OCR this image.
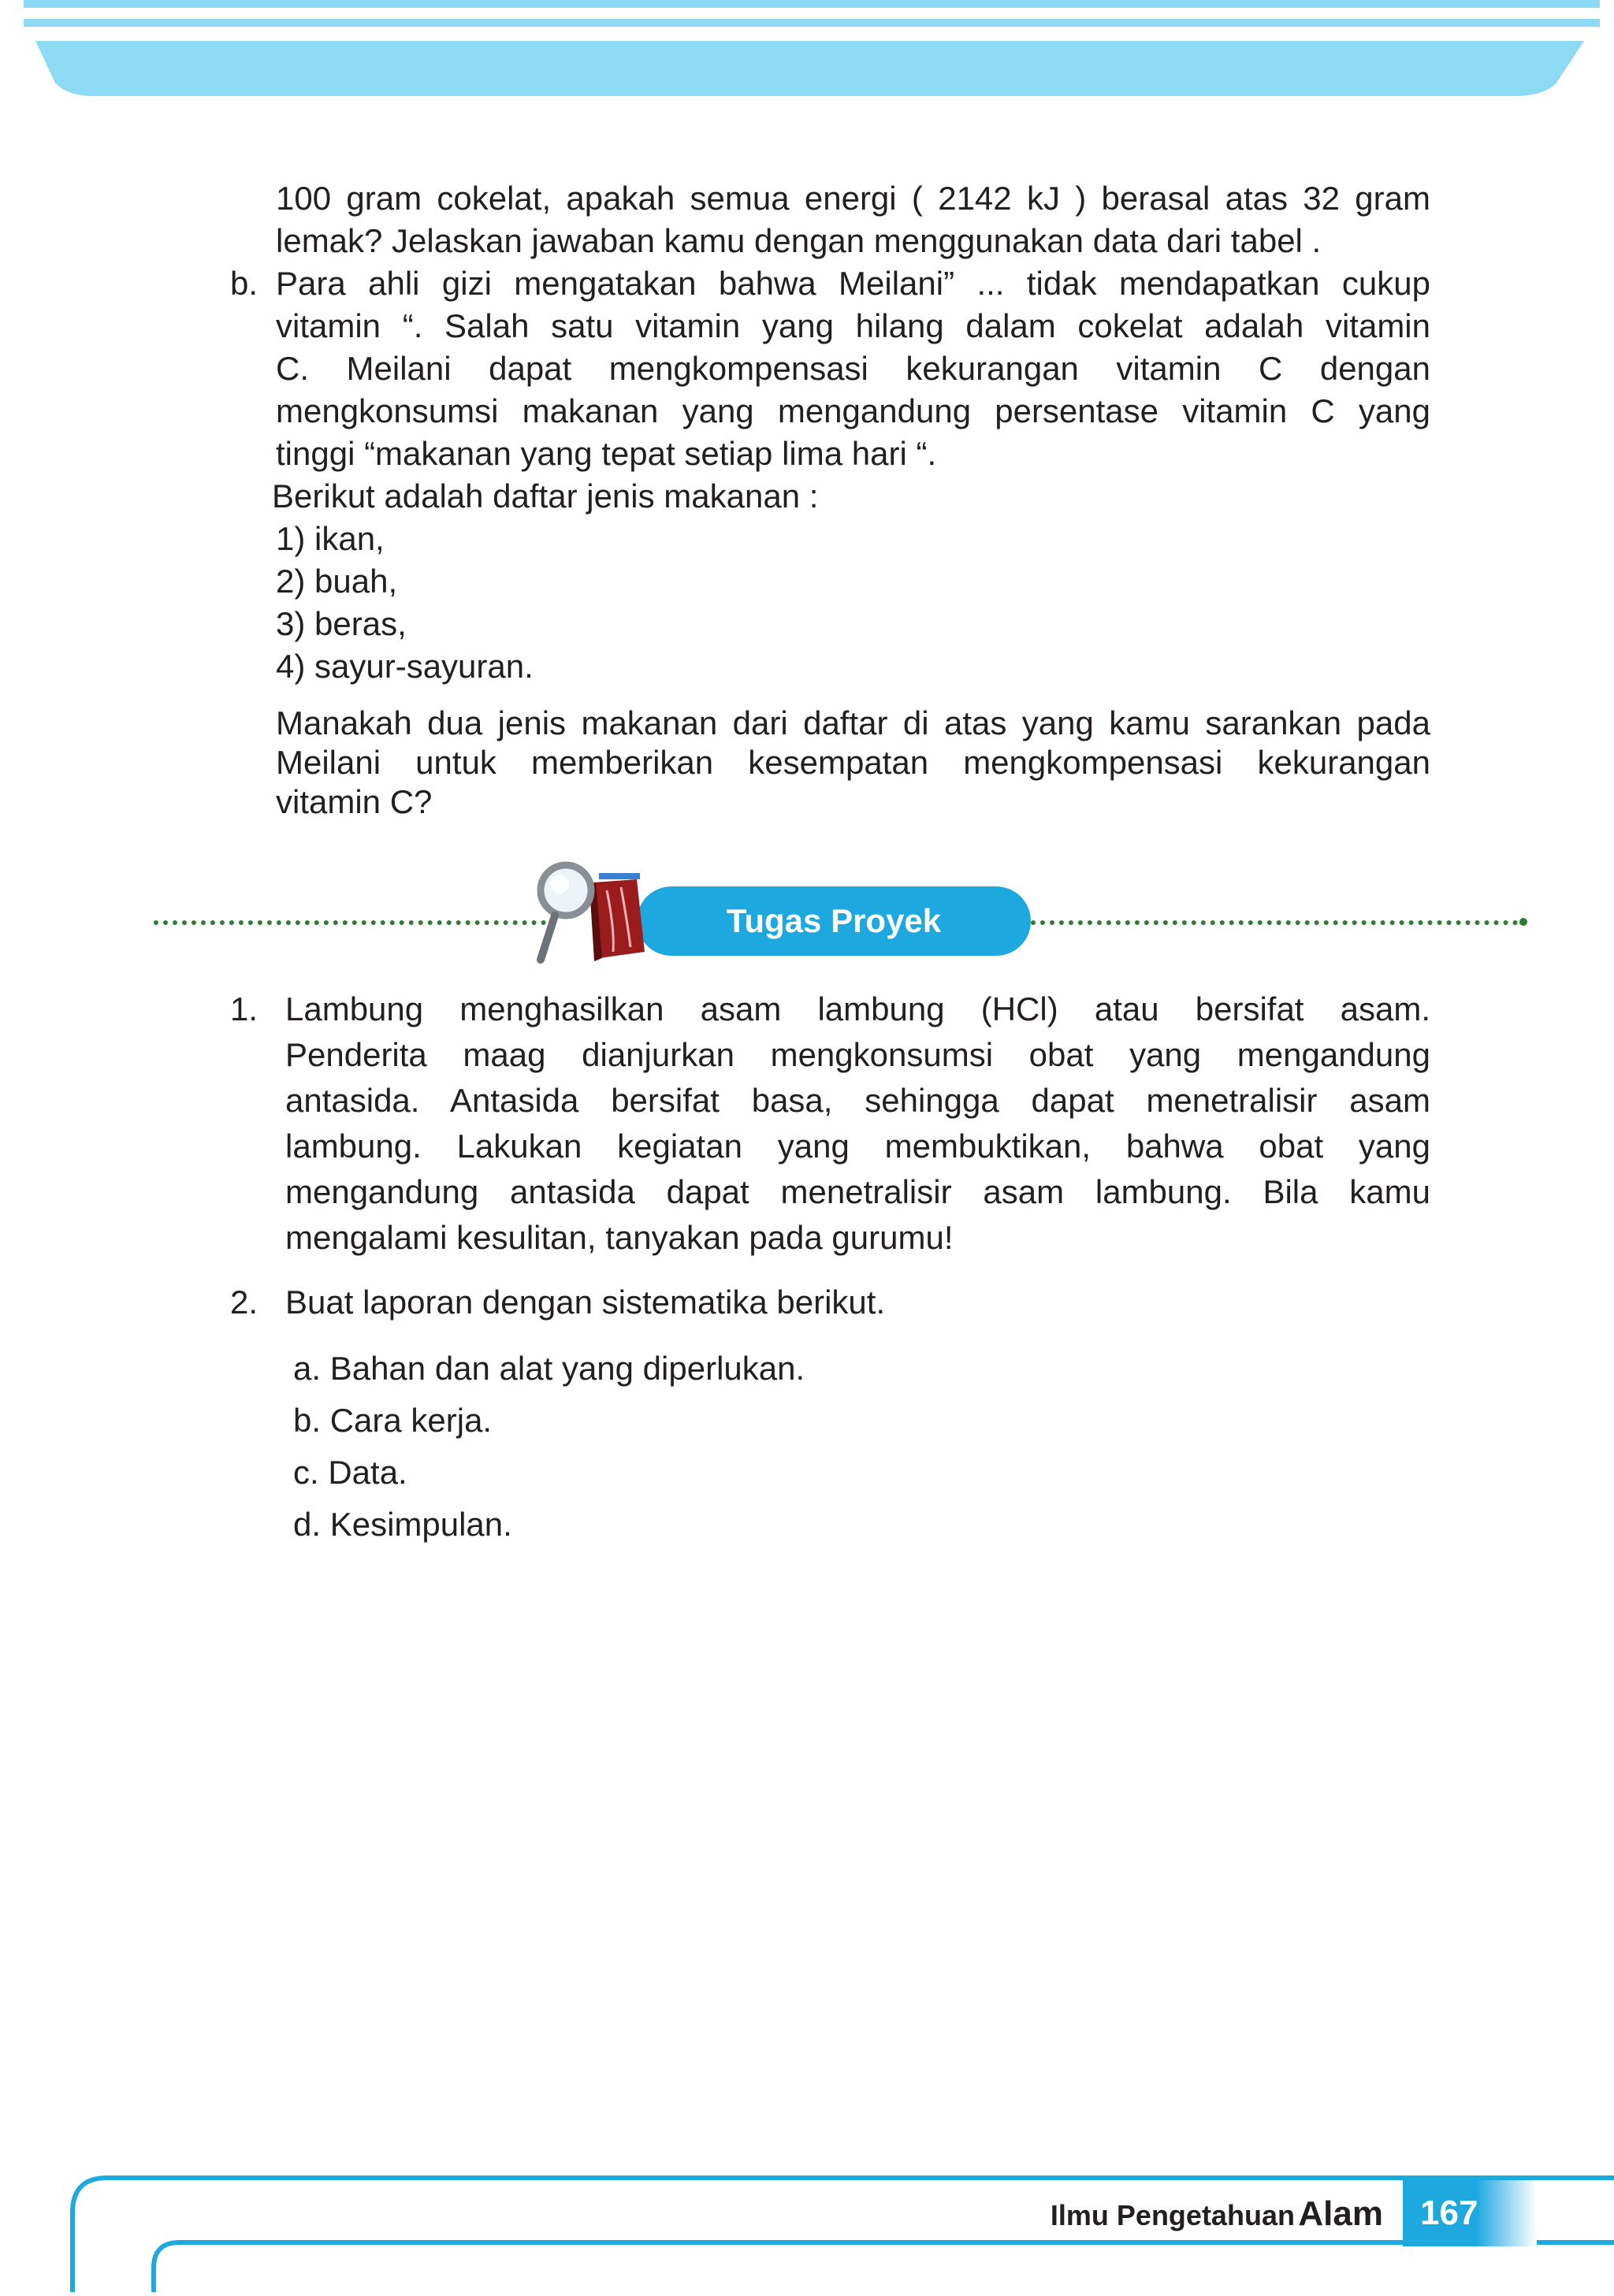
100 gram cokelat, apakah semua energi ( 2142 kJ ) berasal atas 32 gram
lemak? Jelaskan jawaban kamu dengan menggunakan data dari tabel .
b. Para ahli gizi mengatakan bahwa Meilani” ... tidak mendapatkan cukup
vitamin “. Salah satu vitamin yang hilang dalam cokelat adalah vitamin
C. Meilani dapat mengkompensasi kekurangan vitamin C dengan
mengkonsumsi makanan yang mengandung persentase vitamin C yang
tinggi “makanan yang tepat setiap lima hari “.
Berikut adalah daftar jenis makanan :
1) ikan,
2) buah,
3) beras,
4) sayur-sayuran.
Manakah dua jenis makanan dari daftar di atas yang kamu sarankan pada
Meilani untuk memberikan kesempatan mengkompensasi kekurangan
vitamin C?
Tugas Proyek
1. Lambung menghasilkan asam lambung (HCl) atau bersifat asam.
Penderita maag dianjurkan mengkonsumsi obat yang mengandung
antasida. Antasida bersifat basa, sehingga dapat menetralisir asam
lambung. Lakukan kegiatan yang membuktikan, bahwa obat yang
mengandung antasida dapat menetralisir asam lambung. Bila kamu
mengalami kesulitan, tanyakan pada gurumu!
2. Buat laporan dengan sistematika berikut.
a. Bahan dan alat yang diperlukan.
b. Cara kerja.
c. Data.
d. Kesimpulan.
Ilmu Pengetahuan Alam 167
